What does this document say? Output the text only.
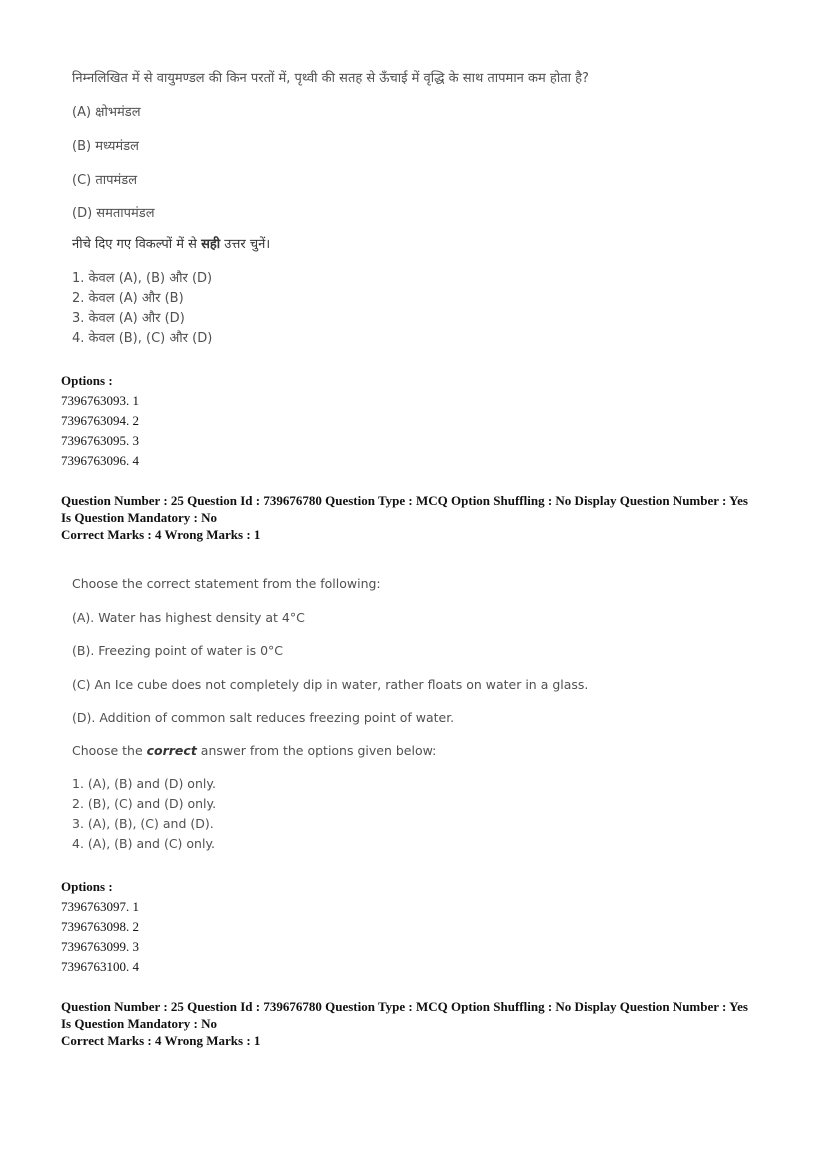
निम्नलिखित में से वायुमण्डल की किन परतों में, पृथ्वी की सतह से ऊँचाई में वृद्धि के साथ तापमान कम होता है?
(A) क्षोभमंडल
(B) मध्यमंडल
(C) तापमंडल
(D) समतापमंडल
नीचे दिए गए विकल्पों में से सही उत्तर चुनें।
1. केवल (A), (B) और (D)
2. केवल (A) और (B)
3. केवल (A) और (D)
4. केवल (B), (C) और (D)
Options :
7396763093. 1
7396763094. 2
7396763095. 3
7396763096. 4
Question Number : 25 Question Id : 739676780 Question Type : MCQ Option Shuffling : No Display Question Number : Yes
Is Question Mandatory : No
Correct Marks : 4 Wrong Marks : 1
Choose the correct statement from the following:
(A). Water has highest density at 4°C
(B). Freezing point of water is 0°C
(C) An Ice cube does not completely dip in water, rather floats on water in a glass.
(D). Addition of common salt reduces freezing point of water.
Choose the correct answer from the options given below:
1. (A), (B) and (D) only.
2. (B), (C) and (D) only.
3. (A), (B), (C) and (D).
4. (A), (B) and (C) only.
Options :
7396763097. 1
7396763098. 2
7396763099. 3
7396763100. 4
Question Number : 25 Question Id : 739676780 Question Type : MCQ Option Shuffling : No Display Question Number : Yes
Is Question Mandatory : No
Correct Marks : 4 Wrong Marks : 1
